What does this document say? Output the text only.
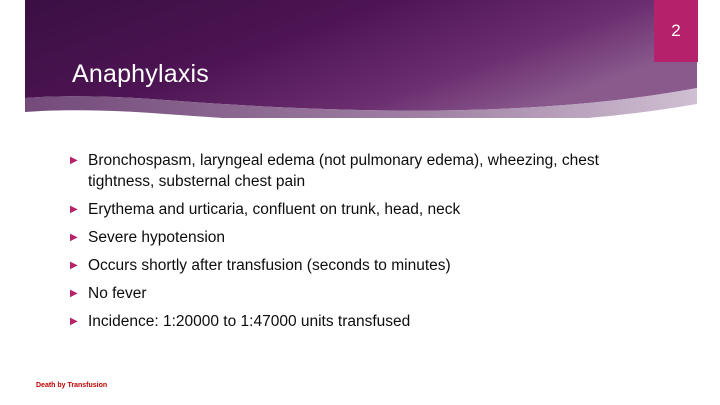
2
Anaphylaxis
▶ Bronchospasm, laryngeal edema (not pulmonary edema), wheezing, chest tightness, substernal chest pain
▶ Erythema and urticaria, confluent on trunk, head, neck
▶ Severe hypotension
▶ Occurs shortly after transfusion (seconds to minutes)
▶ No fever
▶ Incidence: 1:20000 to 1:47000 units transfused
Death by Transfusion
